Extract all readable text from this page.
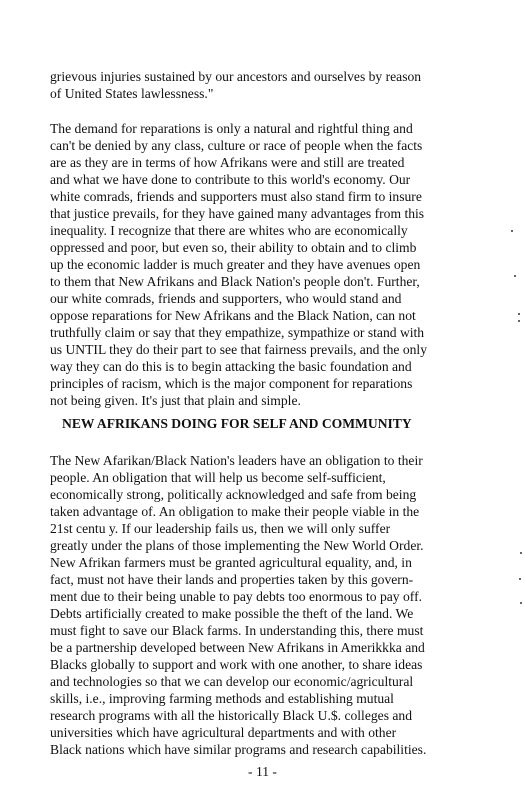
grievous injuries sustained by our ancestors and ourselves by reason
of United States lawlessness."

The demand for reparations is only a natural and rightful thing and
can't be denied by any class, culture or race of people when the facts
are as they are in terms of how Afrikans were and still are treated
and what we have done to contribute to this world's economy. Our
white comrads, friends and supporters must also stand firm to insure
that justice prevails, for they have gained many advantages from this
inequality. I recognize that there are whites who are economically
oppressed and poor, but even so, their ability to obtain and to climb
up the economic ladder is much greater and they have avenues open
to them that New Afrikans and Black Nation's people don't. Further,
our white comrads, friends and supporters, who would stand and
oppose reparations for New Afrikans and the Black Nation, can not
truthfully claim or say that they empathize, sympathize or stand with
us UNTIL they do their part to see that fairness prevails, and the only
way they can do this is to begin attacking the basic foundation and
principles of racism, which is the major component for reparations
not being given. It's just that plain and simple.

NEW AFRIKANS DOING FOR SELF AND COMMUNITY

The New Afarikan/Black Nation's leaders have an obligation to their
people. An obligation that will help us become self-sufficient,
economically strong, politically acknowledged and safe from being
taken advantage of. An obligation to make their people viable in the
21st centu y. If our leadership fails us, then we will only suffer
greatly under the plans of those implementing the New World Order.
New Afrikan farmers must be granted agricultural equality, and, in
fact, must not have their lands and properties taken by this govern-
ment due to their being unable to pay debts too enormous to pay off.
Debts artificially created to make possible the theft of the land. We
must fight to save our Black farms. In understanding this, there must
be a partnership developed between New Afrikans in Amerikkka and
Blacks globally to support and work with one another, to share ideas
and technologies so that we can develop our economic/agricultural
skills, i.e., improving farming methods and establishing mutual
research programs with all the historically Black U.$. colleges and
universities which have agricultural departments and with other
Black nations which have similar programs and research capabilities.

- 11 -
